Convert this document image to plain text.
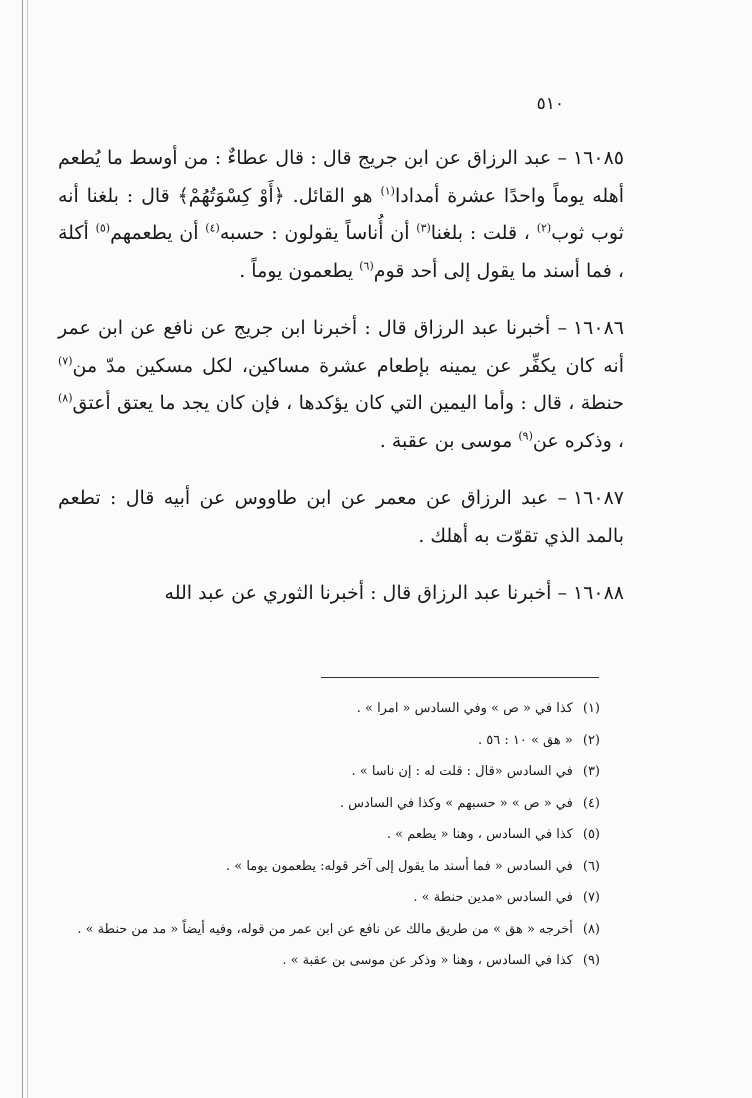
٥١٠

١٦٠٨٥– عبد الرزاق عن ابن جريج قال : قال عطاءٌ : من أوسط ما يُطعم أهله يوماً واحدًا عشرة أمدادا$^{(١)}$ هو القائل. ﴿أَوْ كِسْوَتُهُمْ﴾ قال : بلغنا أنه ثوب ثوب$^{(٢)}$ ، قلت : بلغنا$^{(٣)}$ أن أُناساً يقولون : حسبه$^{(٤)}$ أن يطعمهم$^{(٥)}$ أكلة ، فما أسند ما يقول إلى أحد قوم$^{(٦)}$ يطعمون يوماً .

١٦٠٨٦– أخبرنا عبد الرزاق قال : أخبرنا ابن جريج عن نافع عن ابن عمر أنه كان يكفِّر عن يمينه بإطعام عشرة مساكين، لكل مسكين مدّ من$^{(٧)}$ حنطة ، قال : وأما اليمين التي كان يؤكدها ، فإن كان يجد ما يعتق أعتق$^{(٨)}$ ، وذكره عن$^{(٩)}$ موسى بن عقبة .

١٦٠٨٧– عبد الرزاق عن معمر عن ابن طاووس عن أبيه قال : تطعم بالمد الذي تقوّت به أهلك .

١٦٠٨٨– أخبرنا عبد الرزاق قال : أخبرنا الثوري عن عبد الله

(١)كذا في « ص » وفي السادس « امرا » .

(٢)« هق » ١٠ : ٥٦ .

(٣)في السادس «قال : قلت له : إن ناسا » .

(٤)في « ص » « حسبهم » وكذا في السادس .

(٥)كذا في السادس ، وهنا « يطعم » .

(٦)في السادس « فما أسند ما يقول إلى آخر قوله: يطعمون يوما » .

(٧)في السادس «مدين حنطة » .

(٨)أخرجه « هق » من طريق مالك عن نافع عن ابن عمر من قوله، وفيه أيضاً « مد من حنطة » .

(٩)كذا في السادس ، وهنا « وذكر عن موسى بن عقبة » .
